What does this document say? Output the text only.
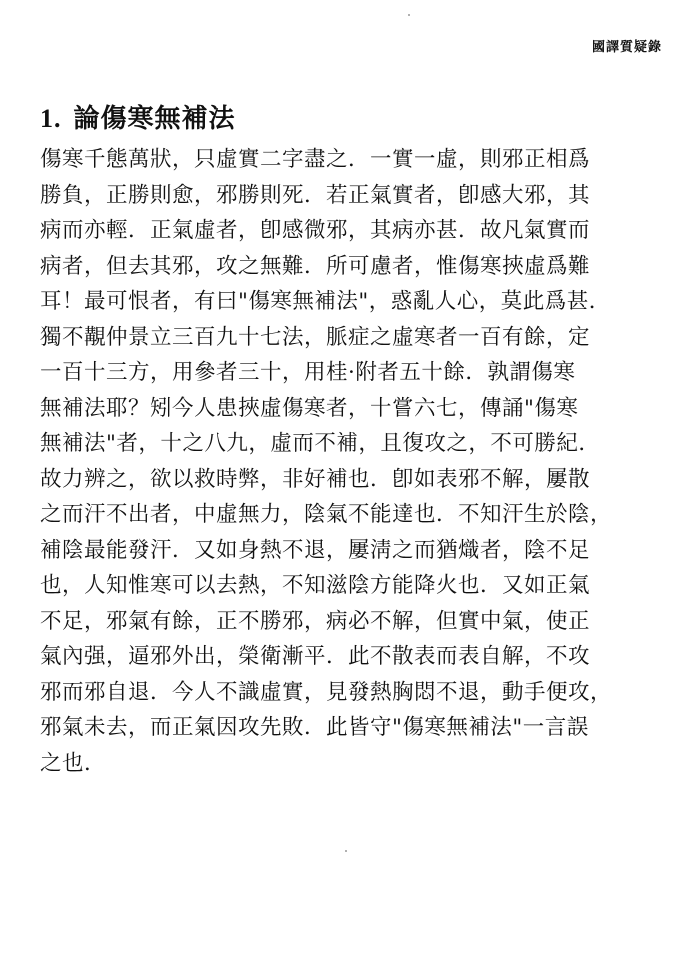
國譯質疑錄
1. 論傷寒無補法
傷寒千態萬狀，只虛實二字盡之．一實一虛，則邪正相爲
勝負，正勝則愈，邪勝則死．若正氣實者，卽感大邪，其
病而亦輕．正氣虛者，卽感微邪，其病亦甚．故凡氣實而
病者，但去其邪，攻之無難．所可慮者，惟傷寒挾虛爲難
耳！最可恨者，有曰"傷寒無補法"，惑亂人心，莫此爲甚．
獨不覯仲景立三百九十七法，脈症之虛寒者一百有餘，定
一百十三方，用參者三十，用桂·附者五十餘．孰謂傷寒
無補法耶？矧今人患挾虛傷寒者，十嘗六七，傳誦"傷寒
無補法"者，十之八九，虛而不補，且復攻之，不可勝紀．
故力辨之，欲以救時弊，非好補也．卽如表邪不解，屢散
之而汗不出者，中虛無力，陰氣不能達也．不知汗生於陰，
補陰最能發汗．又如身熱不退，屢淸之而猶熾者，陰不足
也，人知惟寒可以去熱，不知滋陰方能降火也．又如正氣
不足，邪氣有餘，正不勝邪，病必不解，但實中氣，使正
氣內强，逼邪外出，榮衛漸平．此不散表而表自解，不攻
邪而邪自退．今人不識虛實，見發熱胸悶不退，動手便攻，
邪氣未去，而正氣因攻先敗．此皆守"傷寒無補法"一言誤
之也．
